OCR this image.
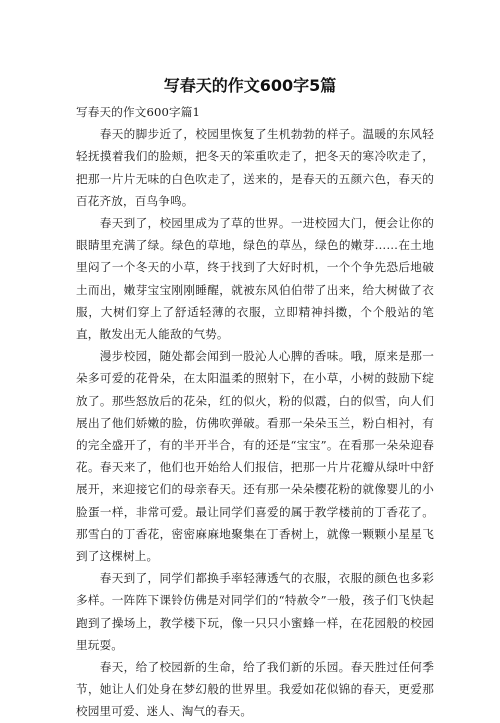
写春天的作文600字5篇

写春天的作文600字篇1

春天的脚步近了，校园里恢复了生机勃勃的样子。温暖的东风轻轻抚摸着我们的脸颊，把冬天的笨重吹走了，把冬天的寒冷吹走了，把那一片片无味的白色吹走了，送来的，是春天的五颜六色，春天的百花齐放，百鸟争鸣。

春天到了，校园里成为了草的世界。一进校园大门，便会让你的眼睛里充满了绿。绿色的草地，绿色的草丛，绿色的嫩芽……在土地里闷了一个冬天的小草，终于找到了大好时机，一个个争先恐后地破土而出，嫩芽宝宝刚刚睡醒，就被东风伯伯带了出来，给大树做了衣服，大树们穿上了舒适轻薄的衣服，立即精神抖擞，个个般站的笔直，散发出无人能敌的气势。

漫步校园，随处都会闻到一股沁人心脾的香味。哦，原来是那一朵多可爱的花骨朵，在太阳温柔的照射下，在小草，小树的鼓励下绽放了。那些怒放后的花朵，红的似火，粉的似霞，白的似雪，向人们展出了他们娇嫩的脸，仿佛吹弹破。看那一朵朵玉兰，粉白相衬，有的完全盛开了，有的半开半合，有的还是“宝宝”。在看那一朵朵迎春花。春天来了，他们也开始给人们报信，把那一片片花瓣从绿叶中舒展开，来迎接它们的母亲春天。还有那一朵朵樱花粉的就像婴儿的小脸蛋一样，非常可爱。最让同学们喜爱的属于教学楼前的丁香花了。那雪白的丁香花，密密麻麻地聚集在丁香树上，就像一颗颗小星星飞到了这棵树上。

春天到了，同学们都换手率轻薄透气的衣服，衣服的颜色也多彩多样。一阵阵下课铃仿佛是对同学们的“特赦令”一般，孩子们飞快起跑到了操场上，教学楼下玩，像一只只小蜜蜂一样，在花园般的校园里玩耍。

春天，给了校园新的生命，给了我们新的乐园。春天胜过任何季节，她让人们处身在梦幻般的世界里。我爱如花似锦的春天，更爱那校园里可爱、迷人、淘气的春天。
